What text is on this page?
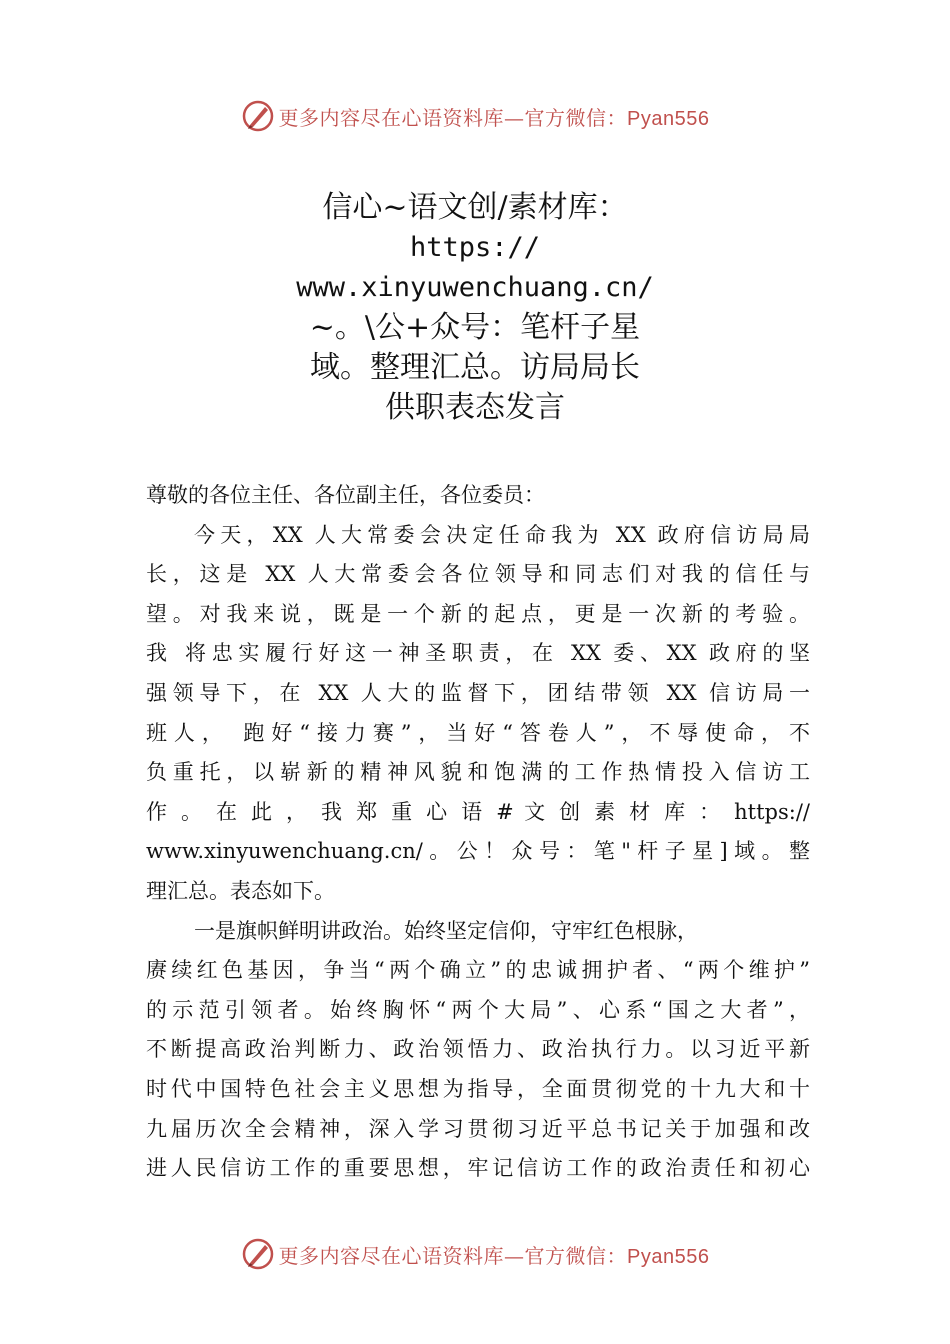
更多内容尽在心语资料库—官方微信：Pyan556
信心~语文创/素材库：
https://
www.xinyuwenchuang.cn/
~。\公+众号：笔杆子星
域。整理汇总。访局局长
供职表态发言

尊敬的各位主任、各位副主任，各位委员：

今天，XX 人大常委会决定任命我为 XX 政府信访局局
长，这是 XX 人大常委会各位领导和同志们对我的信任与
望。对我来说，既是一个新的起点，更是一次新的考验。
我 将忠实履行好这一神圣职责，在 XX 委、XX 政府的坚
强领导下，在 XX 人大的监督下，团结带领 XX 信访局一
班人， 跑好“接力赛”，当好“答卷人”，不辱使命，不
负重托，以崭新的精神风貌和饱满的工作热情投入信访工
作 。 在 此 ， 我 郑 重 心 语 # 文 创 素 材 库 ： https://
www.xinyuwenchuang.cn/。公！众号：笔"杆子星]域。整
理汇总。表态如下。

一是旗帜鲜明讲政治。始终坚定信仰，守牢红色根脉，
赓续红色基因，争当“两个确立”的忠诚拥护者、“两个维护”
的示范引领者。始终胸怀“两个大局”、心系“国之大者”，
不断提高政治判断力、政治领悟力、政治执行力。以习近平新
时代中国特色社会主义思想为指导，全面贯彻党的十九大和十
九届历次全会精神，深入学习贯彻习近平总书记关于加强和改
进人民信访工作的重要思想，牢记信访工作的政治责任和初心

更多内容尽在心语资料库—官方微信：Pyan556
